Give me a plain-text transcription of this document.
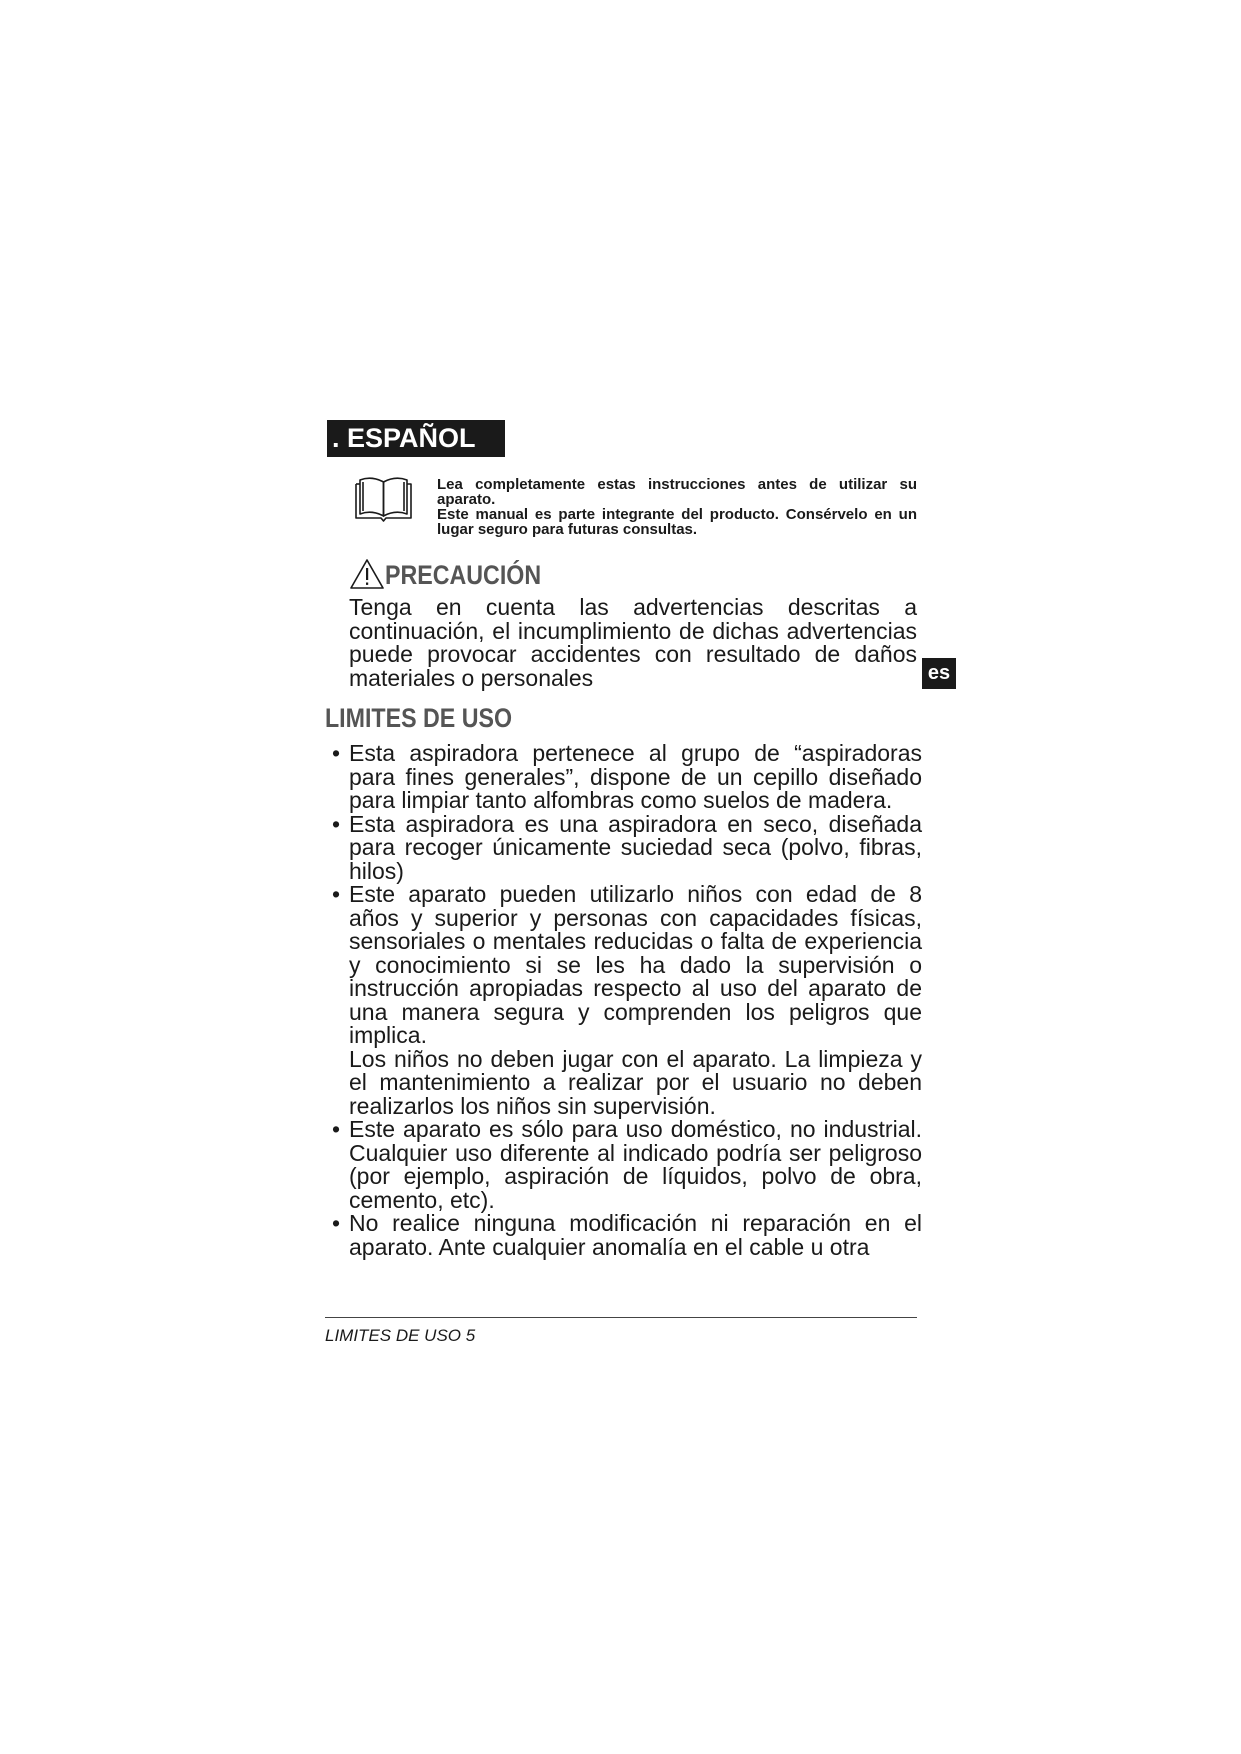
. ESPAÑOL

Lea completamente estas instrucciones antes de utilizar su aparato.

Este manual es parte integrante del producto. Consérvelo en un lugar seguro para futuras consultas.

PRECAUCIÓN

Tenga en cuenta las advertencias descritas a continuación, el incumplimiento de dichas advertencias puede provocar accidentes con resultado de daños materiales o personales	es
LIMITES DE USO
• Esta aspiradora pertenece al grupo de “aspiradoras para fines generales”, dispone de un cepillo diseñado para limpiar tanto alfombras como suelos de madera.
• Esta aspiradora es una aspiradora en seco, diseñada para recoger únicamente suciedad seca (polvo, fibras, hilos)
• Este aparato pueden utilizarlo niños con edad de 8 años y superior y personas con capacidades físicas, sensoriales o mentales reducidas o falta de experiencia y conocimiento si se les ha dado la supervisión o instrucción apropiadas respecto al uso del aparato de una manera segura y comprenden los peligros que implica.
Los niños no deben jugar con el aparato. La limpieza y el mantenimiento a realizar por el usuario no deben realizarlos los niños sin supervisión.
• Este aparato es sólo para uso doméstico, no industrial. Cualquier uso diferente al indicado podría ser peligroso (por ejemplo, aspiración de líquidos, polvo de obra, cemento, etc).
• No realice ninguna modificación ni reparación en el aparato. Ante cualquier anomalía en el cable u otra
LIMITES DE USO 5
